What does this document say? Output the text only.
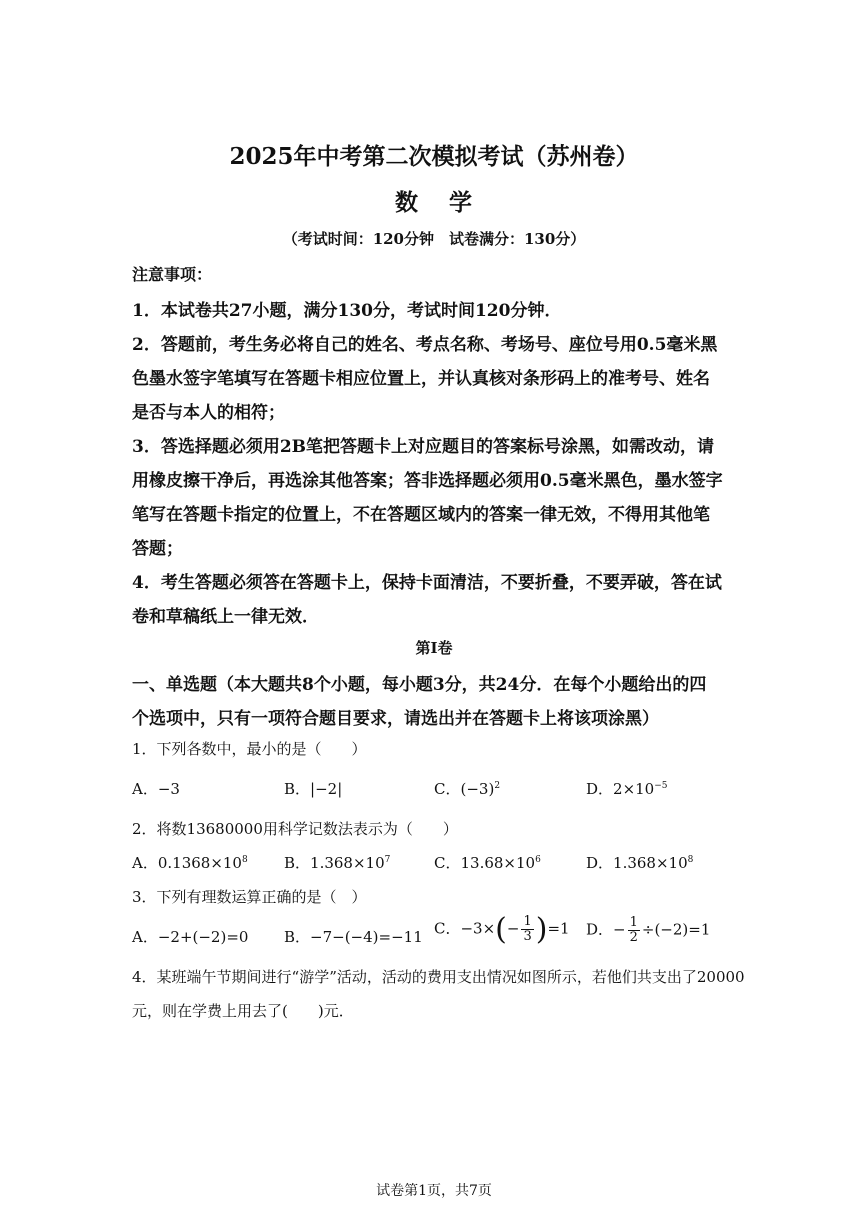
2025年中考第二次模拟考试（苏州卷）
数 学
（考试时间：120分钟　试卷满分：130分）
注意事项：
1．本试卷共27小题，满分130分，考试时间120分钟．
2．答题前，考生务必将自己的姓名、考点名称、考场号、座位号用0.5毫米黑
色墨水签字笔填写在答题卡相应位置上，并认真核对条形码上的准考号、姓名
是否与本人的相符；
3．答选择题必须用2B笔把答题卡上对应题目的答案标号涂黑，如需改动，请
用橡皮擦干净后，再选涂其他答案；答非选择题必须用0.5毫米黑色，墨水签字
笔写在答题卡指定的位置上，不在答题区域内的答案一律无效，不得用其他笔
答题；
4．考生答题必须答在答题卡上，保持卡面清洁，不要折叠，不要弄破，答在试
卷和草稿纸上一律无效．
第I卷
一、单选题（本大题共8个小题，每小题3分，共24分．在每个小题给出的四
个选项中，只有一项符合题目要求，请选出并在答题卡上将该项涂黑）
1．下列各数中，最小的是（　　）
A．−3	B．|−2|	C．$(-3)^2$	D．$2\times 10^{-5}$
2．将数13680000用科学记数法表示为（　　）
A．$0.1368\times 10^8$ B．$1.368\times 10^7$	C．$13.68\times 10^6$	D．$1.368\times 10^8$
3．下列有理数运算正确的是（　）
A．−2+(−2)=0 B．−7−(−4)=−11 C．$-3\times(- \frac{1}{3} )=1$ D．− $\frac{1}{2} \div(-2)=1$
4．某班端午节期间进行“游学”活动，活动的费用支出情况如图所示，若他们共支出了20000
元，则在学费上用去了(　　)元．
试卷第1页，共7页
